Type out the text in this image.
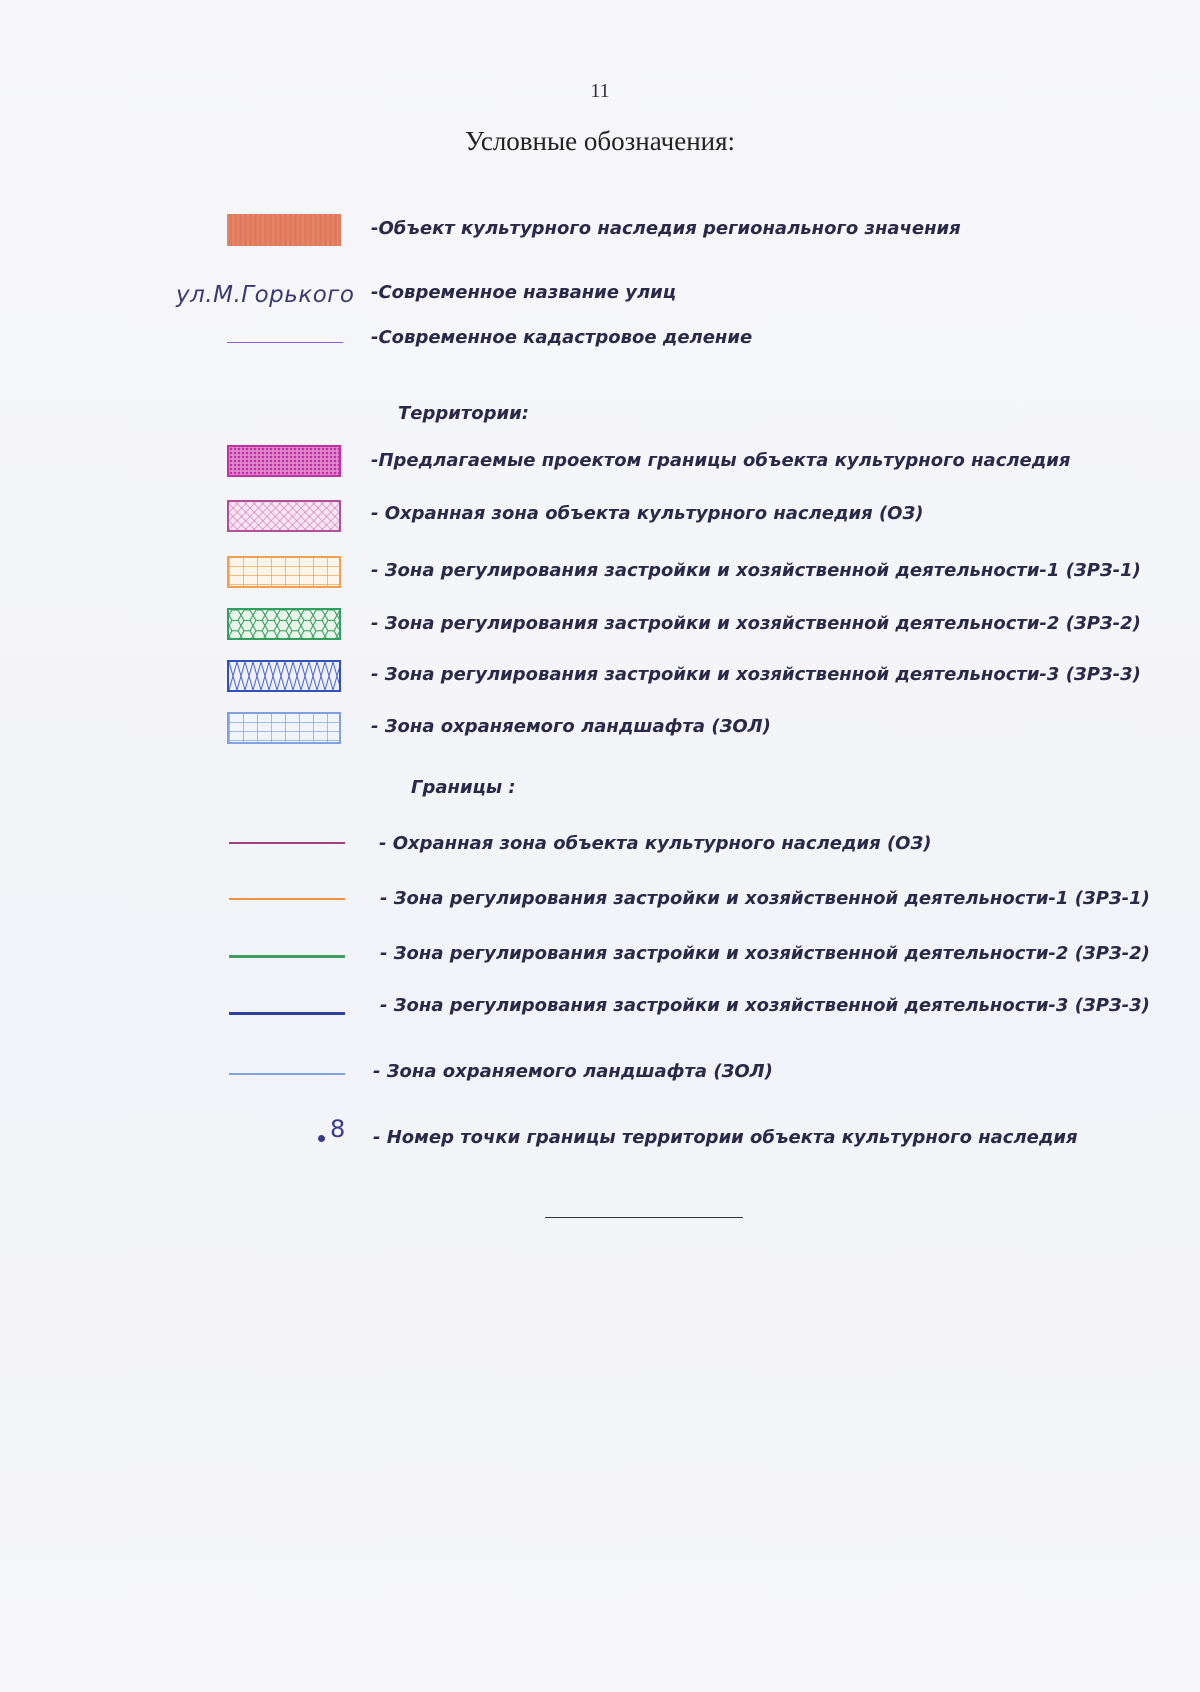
11
Условные обозначения:
-Объект культурного наследия регионального значения
ул.М.Горького -Современное название улиц
-Современное кадастровое деление
Территории:
-Предлагаемые проектом границы объекта культурного наследия
- Охранная зона объекта культурного наследия (ОЗ)
- Зона регулирования застройки и хозяйственной деятельности-1 (ЗРЗ-1)
- Зона регулирования застройки и хозяйственной деятельности-2 (ЗРЗ-2)
- Зона регулирования застройки и хозяйственной деятельности-3 (ЗРЗ-3)
- Зона охраняемого ландшафта (ЗОЛ)
Границы :
- Охранная зона объекта культурного наследия (ОЗ)
- Зона регулирования застройки и хозяйственной деятельности-1 (ЗРЗ-1)
- Зона регулирования застройки и хозяйственной деятельности-2 (ЗРЗ-2)
- Зона регулирования застройки и хозяйственной деятельности-3 (ЗРЗ-3)
- Зона охраняемого ландшафта (ЗОЛ)
8 - Номер точки границы территории объекта культурного наследия
